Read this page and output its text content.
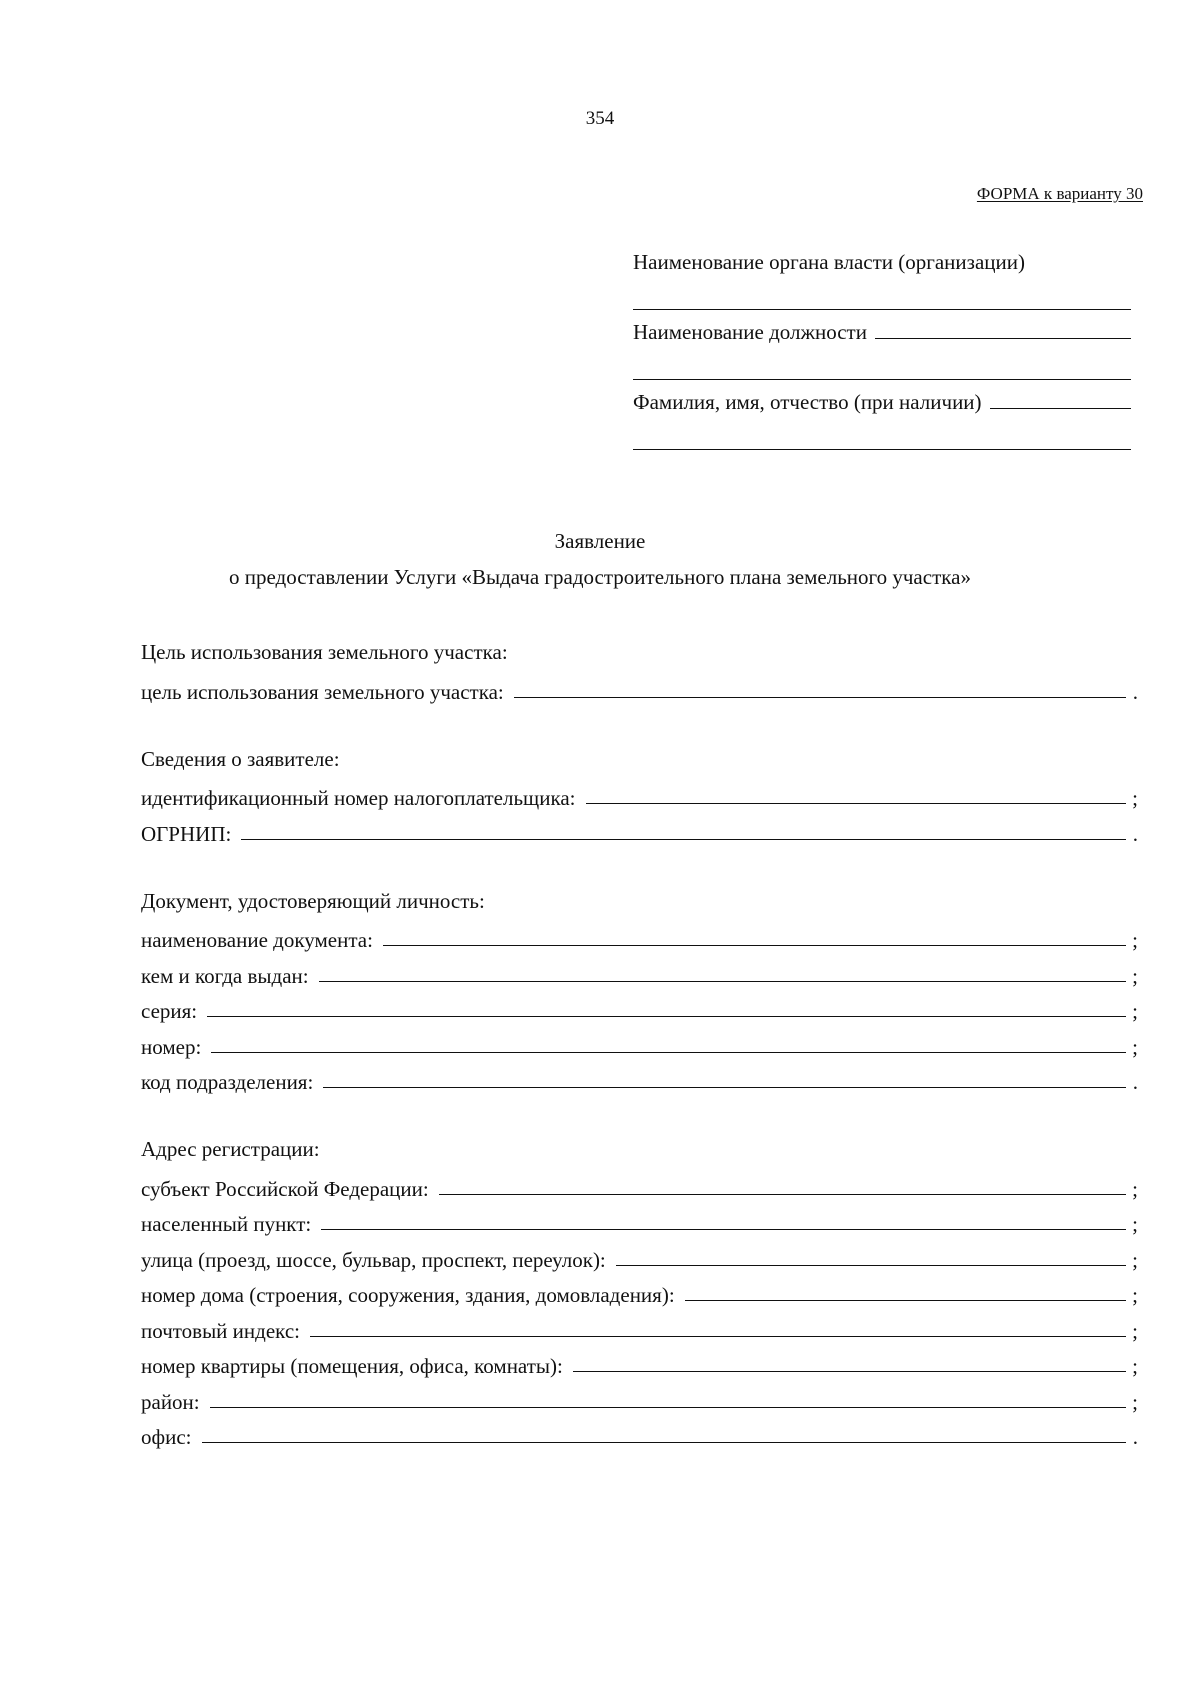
354
ФОРМА к варианту 30
Наименование органа власти (организации)
Наименование должности
Фамилия, имя, отчество (при наличии)
Заявление
о предоставлении Услуги «Выдача градостроительного плана земельного участка»
Цель использования земельного участка:
цель использования земельного участка:	.
Сведения о заявителе:
идентификационный номер налогоплательщика:	;
ОГРНИП:	.
Документ, удостоверяющий личность:
наименование документа:	;
кем и когда выдан:	;
серия:	;
номер:	;
код подразделения:	.
Адрес регистрации:
субъект Российской Федерации:	;
населенный пункт:	;
улица (проезд, шоссе, бульвар, проспект, переулок):	;
номер дома (строения, сооружения, здания, домовладения):	;
почтовый индекс:	;
номер квартиры (помещения, офиса, комнаты):	;
район:	;
офис:	.
